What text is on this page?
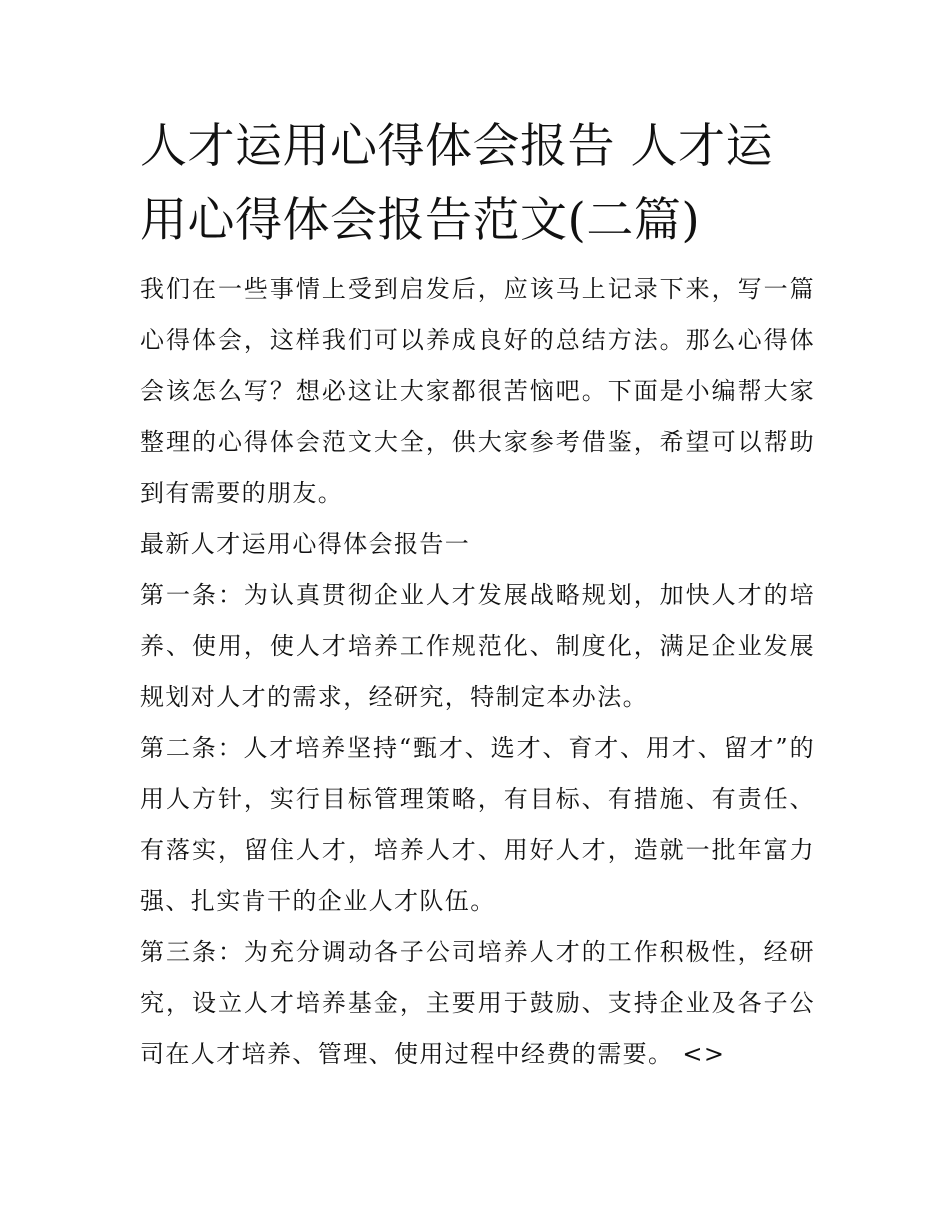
人才运用心得体会报告 人才运用心得体会报告范文(二篇)

我们在一些事情上受到启发后，应该马上记录下来，写一篇心得体会，这样我们可以养成良好的总结方法。那么心得体会该怎么写？想必这让大家都很苦恼吧。下面是小编帮大家整理的心得体会范文大全，供大家参考借鉴，希望可以帮助到有需要的朋友。

最新人才运用心得体会报告一

第一条：为认真贯彻企业人才发展战略规划，加快人才的培养、使用，使人才培养工作规范化、制度化，满足企业发展规划对人才的需求，经研究，特制定本办法。

第二条：人才培养坚持“甄才、选才、育才、用才、留才”的用人方针，实行目标管理策略，有目标、有措施、有责任、有落实，留住人才，培养人才、用好人才，造就一批年富力强、扎实肯干的企业人才队伍。

第三条：为充分调动各子公司培养人才的工作积极性，经研究，设立人才培养基金，主要用于鼓励、支持企业及各子公司在人才培养、管理、使用过程中经费的需要。 <>
